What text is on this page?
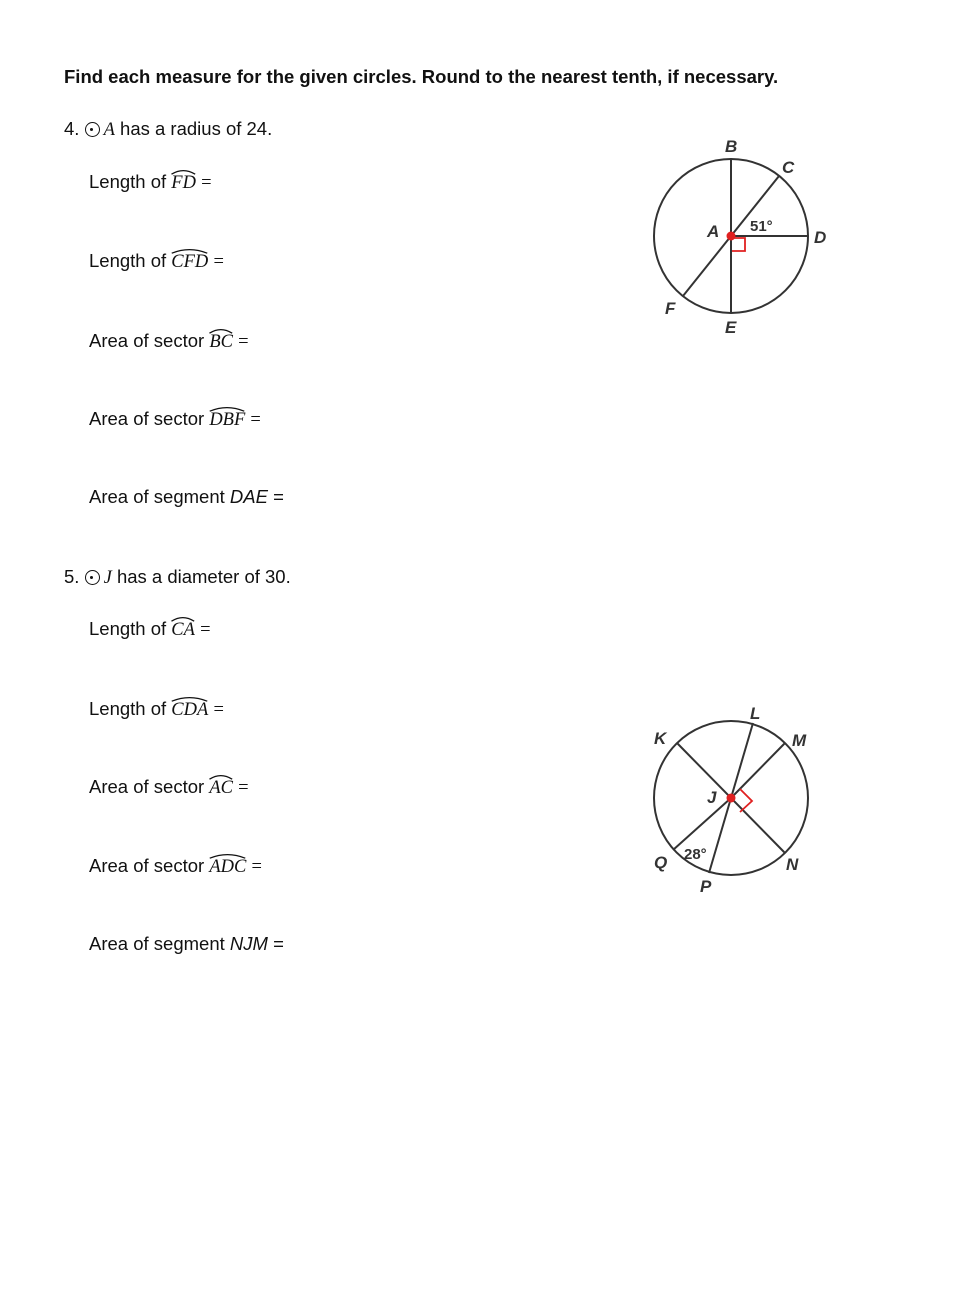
Find each measure for the given circles. Round to the nearest tenth, if necessary.
4. A has a radius of 24.
Length of FD =
Length of CFD =
Area of sector BC =
Area of sector DBF =
Area of segment DAE =
B
C
A	D
F
E
51°
5. J has a diameter of 30.
Length of CA =
Length of CDA =
Area of sector AC =
Area of sector ADC =
Area of segment NJM =
K
L
M
J
Q
P
N
28°
